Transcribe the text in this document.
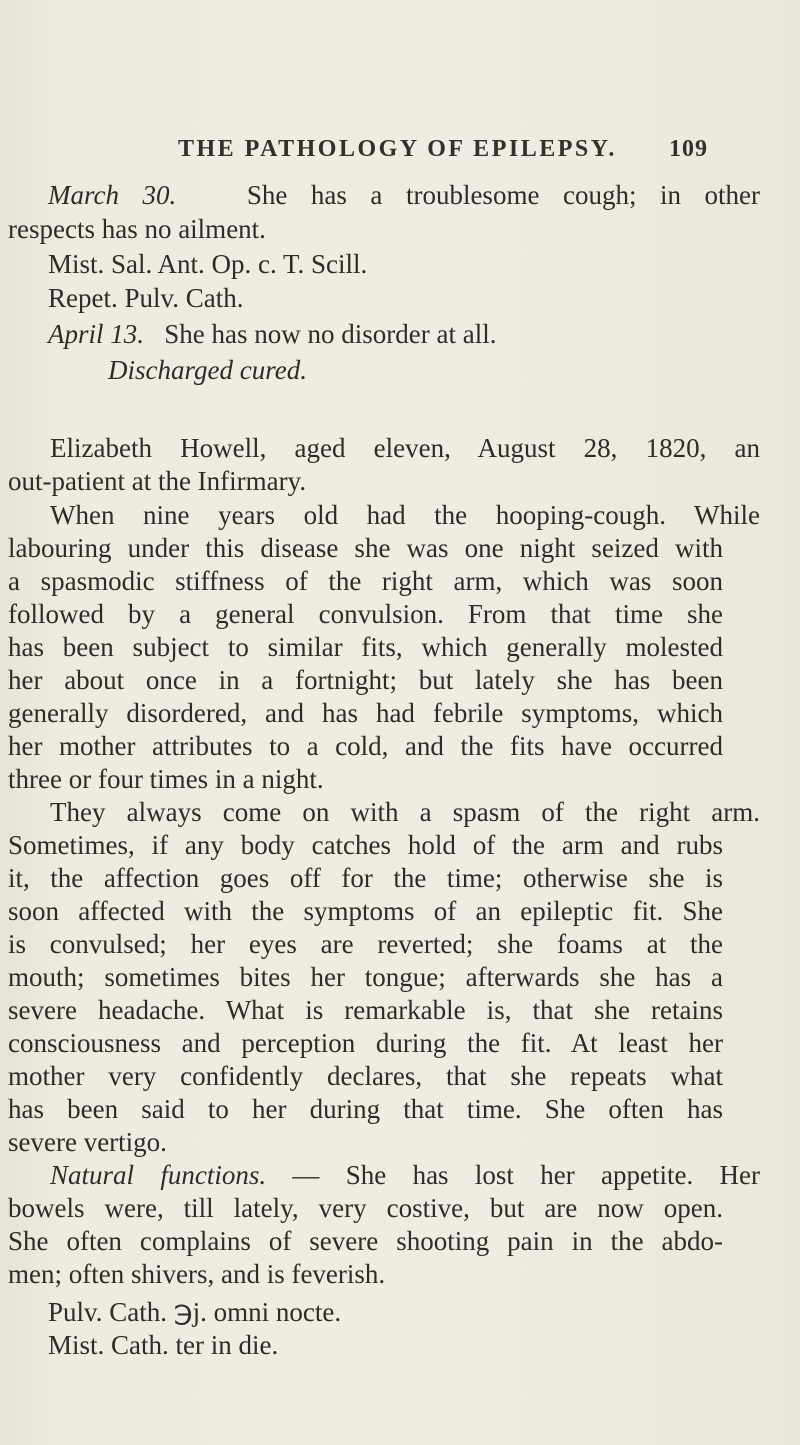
THE PATHOLOGY OF EPILEPSY. 109
March 30.	She has a troublesome cough; in other
respects has no ailment.
Mist. Sal. Ant. Op. c. T. Scill.
Repet. Pulv. Cath.
April 13. She has now no disorder at all.
Discharged cured.
Elizabeth Howell, aged eleven, August 28, 1820, an
out-patient at the Infirmary.
When nine years old had the hooping-cough. While
labouring under this disease she was one night seized with
a spasmodic stiffness of the right arm, which was soon
followed by a general convulsion. From that time she
has been subject to similar fits, which generally molested
her about once in a fortnight; but lately she has been
generally disordered, and has had febrile symptoms, which
her mother attributes to a cold, and the fits have occurred
three or four times in a night.
They always come on with a spasm of the right arm.
Sometimes, if any body catches hold of the arm and rubs
it, the affection goes off for the time; otherwise she is
soon affected with the symptoms of an epileptic fit. She
is convulsed; her eyes are reverted; she foams at the
mouth; sometimes bites her tongue; afterwards she has a
severe headache. What is remarkable is, that she retains
consciousness and perception during the fit. At least her
mother very confidently declares, that she repeats what
has been said to her during that time. She often has
severe vertigo.
Natural functions. — She has lost her appetite. Her
bowels were, till lately, very costive, but are now open.
She often complains of severe shooting pain in the abdo-
men; often shivers, and is feverish.
Pulv. Cath. ℈j. omni nocte.
Mist. Cath. ter in die.
